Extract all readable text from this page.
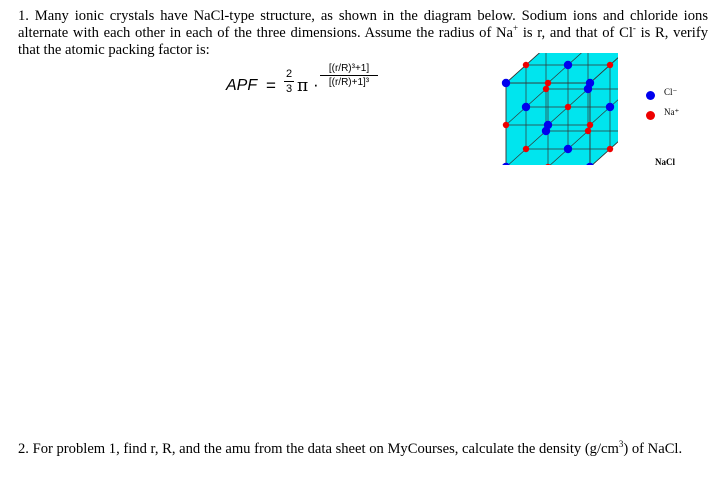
1. Many ionic crystals have NaCl-type structure, as shown in the diagram below. Sodium ions and chloride ions alternate with each other in each of the three dimensions. Assume the radius of Na+ is r, and that of Cl- is R, verify that the atomic packing factor is:
APF =
2
3 π ·
[(r/R)³+1]
[(r/R)+1]³
Cl⁻
Na⁺
NaCl
2. For problem 1, find r, R, and the amu from the data sheet on MyCourses, calculate the density $(g/cm^3)$ of NaCl.
